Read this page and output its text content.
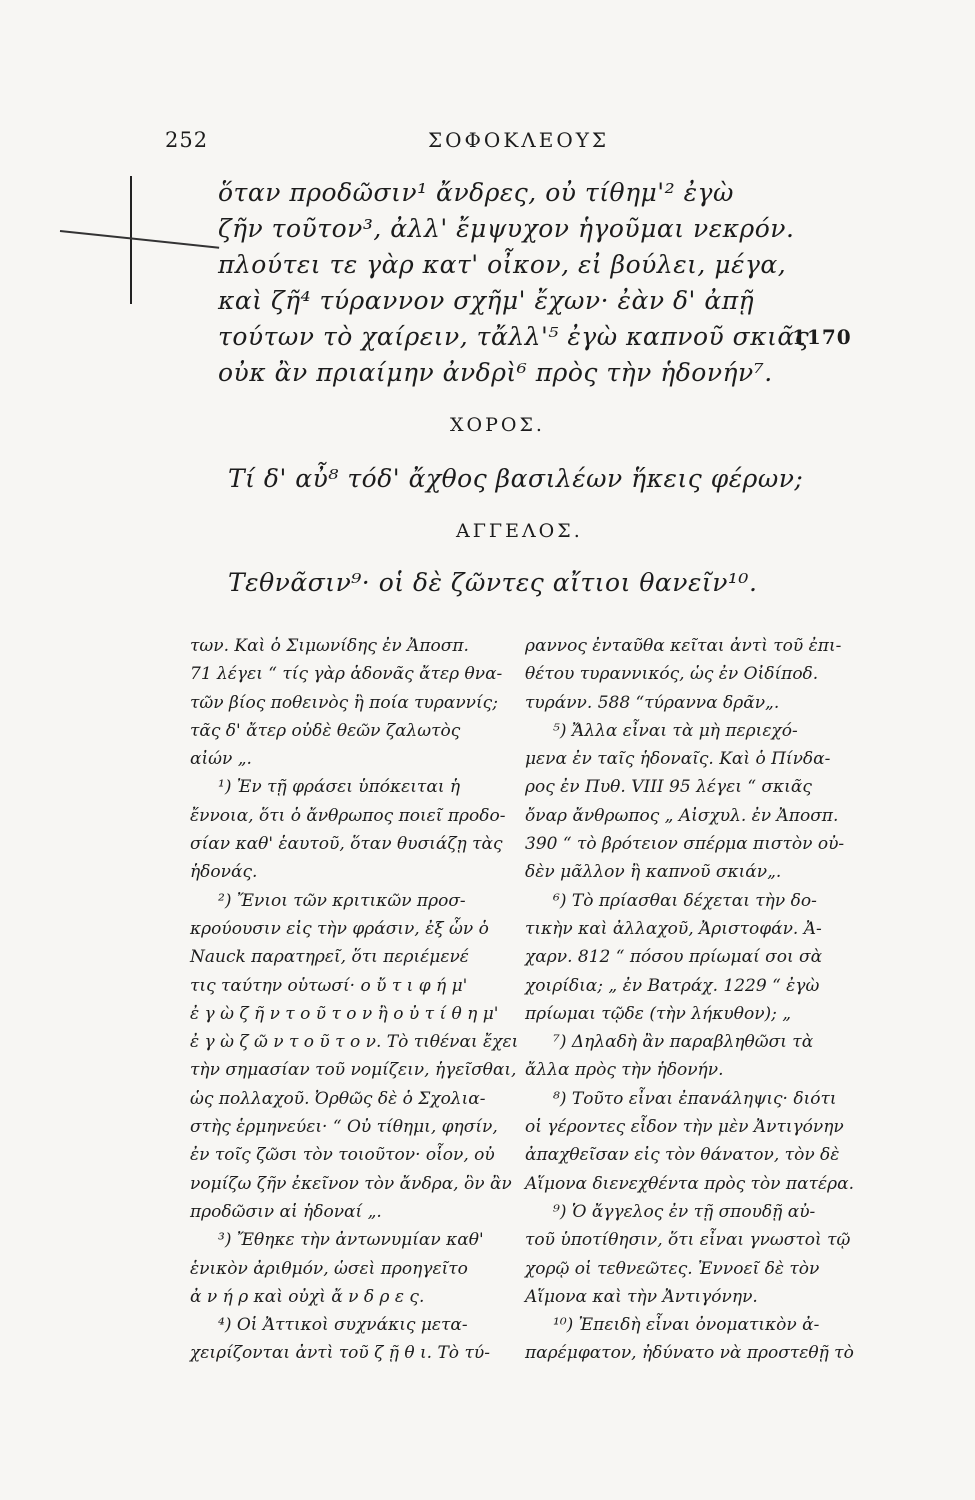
252	ΣΟΦΟΚΛΕΟΥΣ
ὅταν προδῶσιν¹ ἄνδρες, οὐ τίθημ'² ἐγὼ
ζῆν τοῦτον³, ἀλλ' ἔμψυχον ἡγοῦμαι νεκρόν.
πλούτει τε γὰρ κατ' οἶκον, εἰ βούλει, μέγα,
καὶ ζῆ⁴ τύραννον σχῆμ' ἔχων· ἐὰν δ' ἀπῇ
τούτων τὸ χαίρειν, τἄλλ'⁵ ἐγὼ καπνοῦ σκιᾶς
οὐκ ἂν πριαίμην ἀνδρὶ⁶ πρὸς τὴν ἡδονήν⁷.
1170
ΧΟΡΟΣ.
Τί δ' αὖ⁸ τόδ' ἄχθος βασιλέων ἥκεις φέρων;
ΑΓΓΕΛΟΣ.
Τεθνᾶσιν⁹· οἱ δὲ ζῶντες αἴτιοι θανεῖν¹⁰.
των. Καὶ ὁ Σιμωνίδης ἐν Ἀποσπ.
71 λέγει “ τίς γὰρ ἁδονᾶς ἄτερ θνα-
τῶν βίος ποθεινὸς ἢ ποία τυραννίς;
τᾶς δ' ἄτερ οὐδὲ θεῶν ζαλωτὸς
αἰών „.
¹) Ἐν τῇ φράσει ὑπόκειται ἡ
ἔννοια, ὅτι ὁ ἄνθρωπος ποιεῖ προδο-
σίαν καθ' ἑαυτοῦ, ὅταν θυσιάζῃ τὰς
ἡδονάς.
²) Ἔνιοι τῶν κριτικῶν προσ-
κρούουσιν εἰς τὴν φράσιν, ἐξ ὧν ὁ
Nauck παρατηρεῖ, ὅτι περιέμενέ
τις ταύτην οὑτωσί· ο ὔ τ ι φ ή μ'
ἐ γ ὼ ζ ῆ ν τ ο ῦ τ ο ν ἢ ο ὐ τ ί θ η μ'
ἐ γ ὼ ζ ῶ ν τ ο ῦ τ ο ν. Τὸ τιθέναι ἔχει
τὴν σημασίαν τοῦ νομίζειν, ἡγεῖσθαι,
ὡς πολλαχοῦ. Ὀρθῶς δὲ ὁ Σχολια-
στὴς ἑρμηνεύει· “ Οὐ τίθημι, φησίν,
ἐν τοῖς ζῶσι τὸν τοιοῦτον· οἷον, οὐ
νομίζω ζῆν ἐκεῖνον τὸν ἄνδρα, ὃν ἂν
προδῶσιν αἱ ἡδοναί „.
³) Ἔθηκε τὴν ἀντωνυμίαν καθ'
ἑνικὸν ἀριθμόν, ὡσεὶ προηγεῖτο
ἀ ν ή ρ καὶ οὐχὶ ἄ ν δ ρ ε ς.
⁴) Οἱ Ἀττικοὶ συχνάκις μετα-
χειρίζονται ἀντὶ τοῦ ζ ῇ θ ι. Τὸ τύ-
ραννος ἐνταῦθα κεῖται ἀντὶ τοῦ ἐπι-
θέτου τυραννικός, ὡς ἐν Οἰδίπoδ.
τυράνν. 588 “τύραννα δρᾶν„.
⁵) Ἄλλα εἶναι τὰ μὴ περιεχό-
μενα ἐν ταῖς ἡδοναῖς. Καὶ ὁ Πίνδα-
ρος ἐν Πυθ. VIII 95 λέγει “ σκιᾶς
ὄναρ ἄνθρωπος „ Αἰσχυλ. ἐν Ἀποσπ.
390 “ τὸ βρότειον σπέρμα πιστὸν οὐ-
δὲν μᾶλλον ἢ καπνοῦ σκιάν„.
⁶) Τὸ πρίασθαι δέχεται τὴν δο-
τικὴν καὶ ἀλλαχοῦ, Ἀριστοφάν. Ἀ-
χαρν. 812 “ πόσου πρίωμαί σοι σὰ
χοιρίδια; „ ἐν Βατράχ. 1229 “ ἐγὼ
πρίωμαι τῷδε (τὴν λήκυθον); „
⁷) Δηλαδὴ ἂν παραβληθῶσι τὰ
ἄλλα πρὸς τὴν ἡδονήν.
⁸) Τοῦτο εἶναι ἐπανάληψις· διότι
οἱ γέροντες εἶδον τὴν μὲν Ἀντιγόνην
ἀπαχθεῖσαν εἰς τὸν θάνατον, τὸν δὲ
Αἵμονα διενεχθέντα πρὸς τὸν πατέρα.
⁹) Ὁ ἄγγελος ἐν τῇ σπουδῇ αὐ-
τοῦ ὑποτίθησιν, ὅτι εἶναι γνωστοὶ τῷ
χορῷ οἱ τεθνεῶτες. Ἐννοεῖ δὲ τὸν
Αἵμονα καὶ τὴν Ἀντιγόνην.
¹⁰) Ἐπειδὴ εἶναι ὀνοματικὸν ἀ-
παρέμφατον, ἠδύνατο νὰ προστεθῇ τὸ
